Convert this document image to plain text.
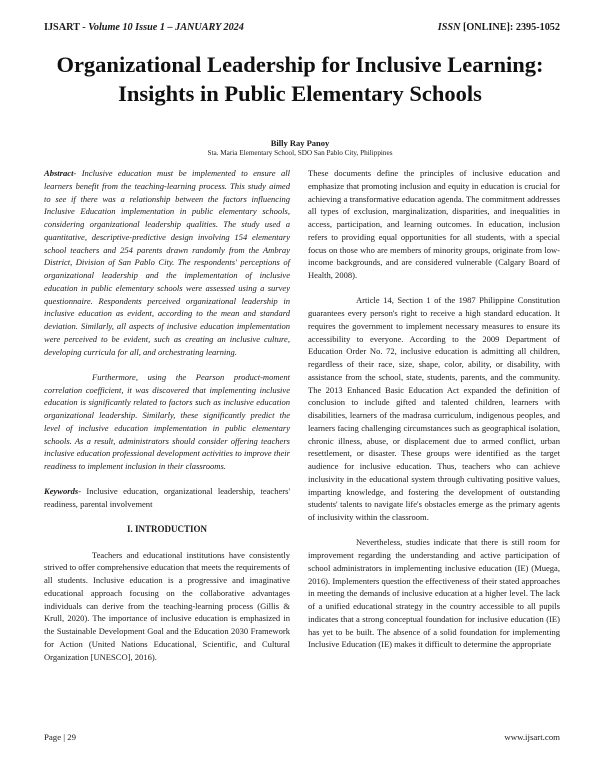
IJSART - Volume 10 Issue 1 – JANUARY 2024	ISSN [ONLINE]: 2395-1052
Organizational Leadership for Inclusive Learning:
Insights in Public Elementary Schools
Billy Ray Panoy
Sta. Maria Elementary School, SDO San Pablo City, Philippines

Abstract- Inclusive education must be implemented to ensure all learners benefit from the teaching-learning process. This study aimed to see if there was a relationship between the factors influencing Inclusive Education implementation in public elementary schools, considering organizational leadership qualities. The study used a quantitative, descriptive-predictive design involving 154 elementary school teachers and 254 parents drawn randomly from the Ambray District, Division of San Pablo City. The respondents' perceptions of organizational leadership and the implementation of inclusive education in public elementary schools were assessed using a survey questionnaire. Respondents perceived organizational leadership in inclusive education as evident, according to the mean and standard deviation. Similarly, all aspects of inclusive education implementation were perceived to be evident, such as creating an inclusive culture, developing curricula for all, and orchestrating learning.

Furthermore, using the Pearson product-moment correlation coefficient, it was discovered that implementing inclusive education is significantly related to factors such as inclusive education organizational leadership. Similarly, these significantly predict the level of inclusive education implementation in public elementary schools. As a result, administrators should consider offering teachers inclusive education professional development activities to improve their readiness to implement inclusion in their classrooms.

Keywords- Inclusive education, organizational leadership, teachers' readiness, parental involvement

I. INTRODUCTION

Teachers and educational institutions have consistently strived to offer comprehensive education that meets the requirements of all students. Inclusive education is a progressive and imaginative educational approach focusing on the collaborative advantages individuals can derive from the teaching-learning process (Gillis & Krull, 2020). The importance of inclusive education is emphasized in the Sustainable Development Goal and the Education 2030 Framework for Action (United Nations Educational, Scientific, and Cultural Organization [UNESCO], 2016).

These documents define the principles of inclusive education and emphasize that promoting inclusion and equity in education is crucial for achieving a transformative education agenda. The commitment addresses all types of exclusion, marginalization, disparities, and inequalities in access, participation, and learning outcomes. In education, inclusion refers to providing equal opportunities for all students, with a special focus on those who are members of minority groups, originate from low-income backgrounds, and are considered vulnerable (Calgary Board of Health, 2008).

Article 14, Section 1 of the 1987 Philippine Constitution guarantees every person's right to receive a high standard education. It requires the government to implement necessary measures to ensure its accessibility to everyone. According to the 2009 Department of Education Order No. 72, inclusive education is admitting all children, regardless of their race, size, shape, color, ability, or disability, with assistance from the school, state, students, parents, and the community. The 2013 Enhanced Basic Education Act expanded the definition of conclusion to include gifted and talented children, learners with disabilities, learners of the madrasa curriculum, indigenous peoples, and learners facing challenging circumstances such as geographical isolation, chronic illness, abuse, or displacement due to armed conflict, urban resettlement, or disaster. These groups were identified as the target audience for inclusive education. Thus, teachers who can achieve inclusivity in the educational system through cultivating positive values, imparting knowledge, and fostering the development of outstanding students' talents to navigate life's obstacles emerge as the primary agents of inclusivity within the classroom.

Nevertheless, studies indicate that there is still room for improvement regarding the understanding and active participation of school administrators in implementing inclusive education (IE) (Muega, 2016). Implementers question the effectiveness of their stated approaches in meeting the demands of inclusive education at a higher level. The lack of a unified educational strategy in the country accessible to all pupils indicates that a strong conceptual foundation for inclusive education (IE) has yet to be built. The absence of a solid foundation for implementing Inclusive Education (IE) makes it difficult to determine the appropriate

Page | 29	www.ijsart.com
